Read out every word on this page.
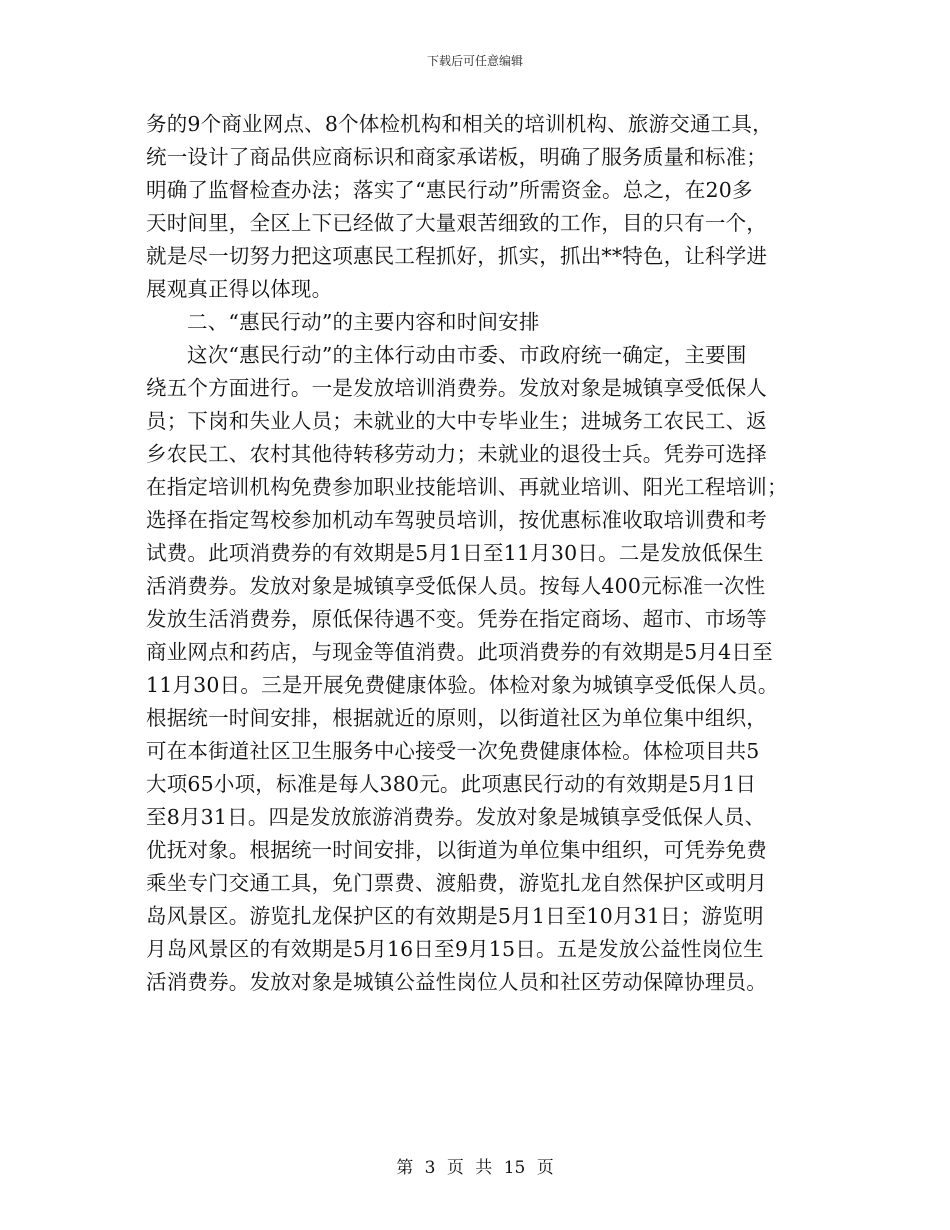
下载后可任意编辑
务的9个商业网点、8个体检机构和相关的培训机构、旅游交通工具，
统一设计了商品供应商标识和商家承诺板，明确了服务质量和标准；
明确了监督检查办法；落实了“惠民行动”所需资金。总之，在20多
天时间里，全区上下已经做了大量艰苦细致的工作，目的只有一个，
就是尽一切努力把这项惠民工程抓好，抓实，抓出**特色，让科学进
展观真正得以体现。
二、“惠民行动”的主要内容和时间安排
这次“惠民行动”的主体行动由市委、市政府统一确定，主要围
绕五个方面进行。一是发放培训消费券。发放对象是城镇享受低保人
员；下岗和失业人员；未就业的大中专毕业生；进城务工农民工、返
乡农民工、农村其他待转移劳动力；未就业的退役士兵。凭券可选择
在指定培训机构免费参加职业技能培训、再就业培训、阳光工程培训；
选择在指定驾校参加机动车驾驶员培训，按优惠标准收取培训费和考
试费。此项消费券的有效期是5月1日至11月30日。二是发放低保生
活消费券。发放对象是城镇享受低保人员。按每人400元标准一次性
发放生活消费券，原低保待遇不变。凭券在指定商场、超市、市场等
商业网点和药店，与现金等值消费。此项消费券的有效期是5月4日至
11月30日。三是开展免费健康体验。体检对象为城镇享受低保人员。
根据统一时间安排，根据就近的原则，以街道社区为单位集中组织，
可在本街道社区卫生服务中心接受一次免费健康体检。体检项目共5
大项65小项，标准是每人380元。此项惠民行动的有效期是5月1日
至8月31日。四是发放旅游消费券。发放对象是城镇享受低保人员、
优抚对象。根据统一时间安排，以街道为单位集中组织，可凭券免费
乘坐专门交通工具，免门票费、渡船费，游览扎龙自然保护区或明月
岛风景区。游览扎龙保护区的有效期是5月1日至10月31日；游览明
月岛风景区的有效期是5月16日至9月15日。五是发放公益性岗位生
活消费券。发放对象是城镇公益性岗位人员和社区劳动保障协理员。
第 3 页 共 15 页
